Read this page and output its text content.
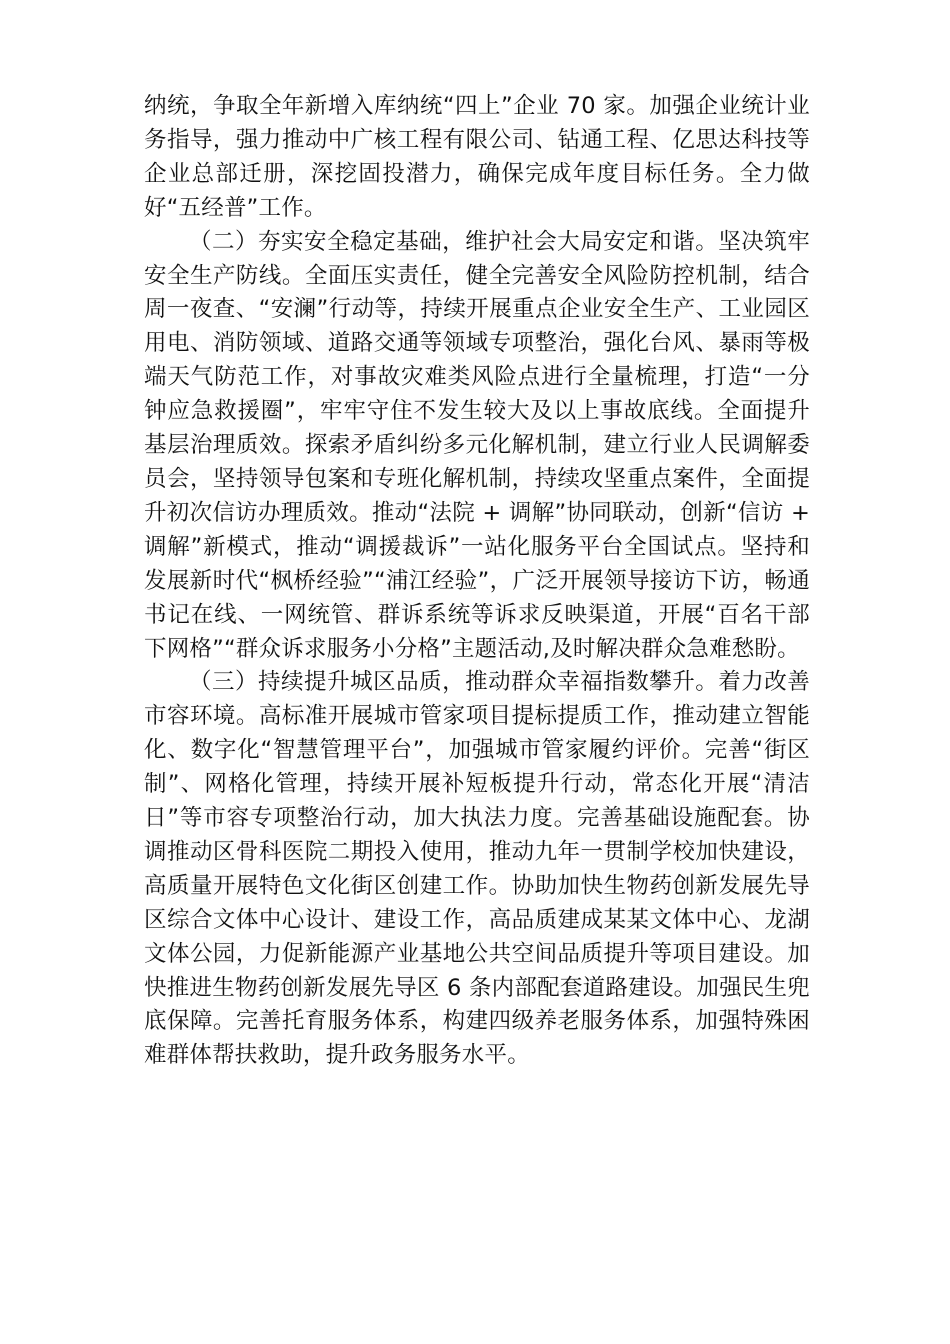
纳统，争取全年新增入库纳统“四上”企业 70 家。加强企业统计业务指导，强力推动中广核工程有限公司、钻通工程、亿思达科技等企业总部迁册，深挖固投潜力，确保完成年度目标任务。全力做好“五经普”工作。

（二）夯实安全稳定基础，维护社会大局安定和谐。坚决筑牢安全生产防线。全面压实责任，健全完善安全风险防控机制，结合周一夜查、“安澜”行动等，持续开展重点企业安全生产、工业园区用电、消防领域、道路交通等领域专项整治，强化台风、暴雨等极端天气防范工作，对事故灾难类风险点进行全量梳理，打造“一分钟应急救援圈”，牢牢守住不发生较大及以上事故底线。全面提升基层治理质效。探索矛盾纠纷多元化解机制，建立行业人民调解委员会，坚持领导包案和专班化解机制，持续攻坚重点案件，全面提升初次信访办理质效。推动“法院 + 调解”协同联动，创新“信访 + 调解”新模式，推动“调援裁诉”一站化服务平台全国试点。坚持和发展新时代“枫桥经验”“浦江经验”，广泛开展领导接访下访，畅通书记在线、一网统管、群诉系统等诉求反映渠道，开展“百名干部下网格”“群众诉求服务小分格”主题活动,及时解决群众急难愁盼。

（三）持续提升城区品质，推动群众幸福指数攀升。着力改善市容环境。高标准开展城市管家项目提标提质工作，推动建立智能化、数字化“智慧管理平台”，加强城市管家履约评价。完善“街区制”、网格化管理，持续开展补短板提升行动，常态化开展“清洁日”等市容专项整治行动，加大执法力度。完善基础设施配套。协调推动区骨科医院二期投入使用，推动九年一贯制学校加快建设，高质量开展特色文化街区创建工作。协助加快生物药创新发展先导区综合文体中心设计、建设工作，高品质建成某某文体中心、龙湖文体公园，力促新能源产业基地公共空间品质提升等项目建设。加快推进生物药创新发展先导区 6 条内部配套道路建设。加强民生兜底保障。完善托育服务体系，构建四级养老服务体系，加强特殊困难群体帮扶救助，提升政务服务水平。
